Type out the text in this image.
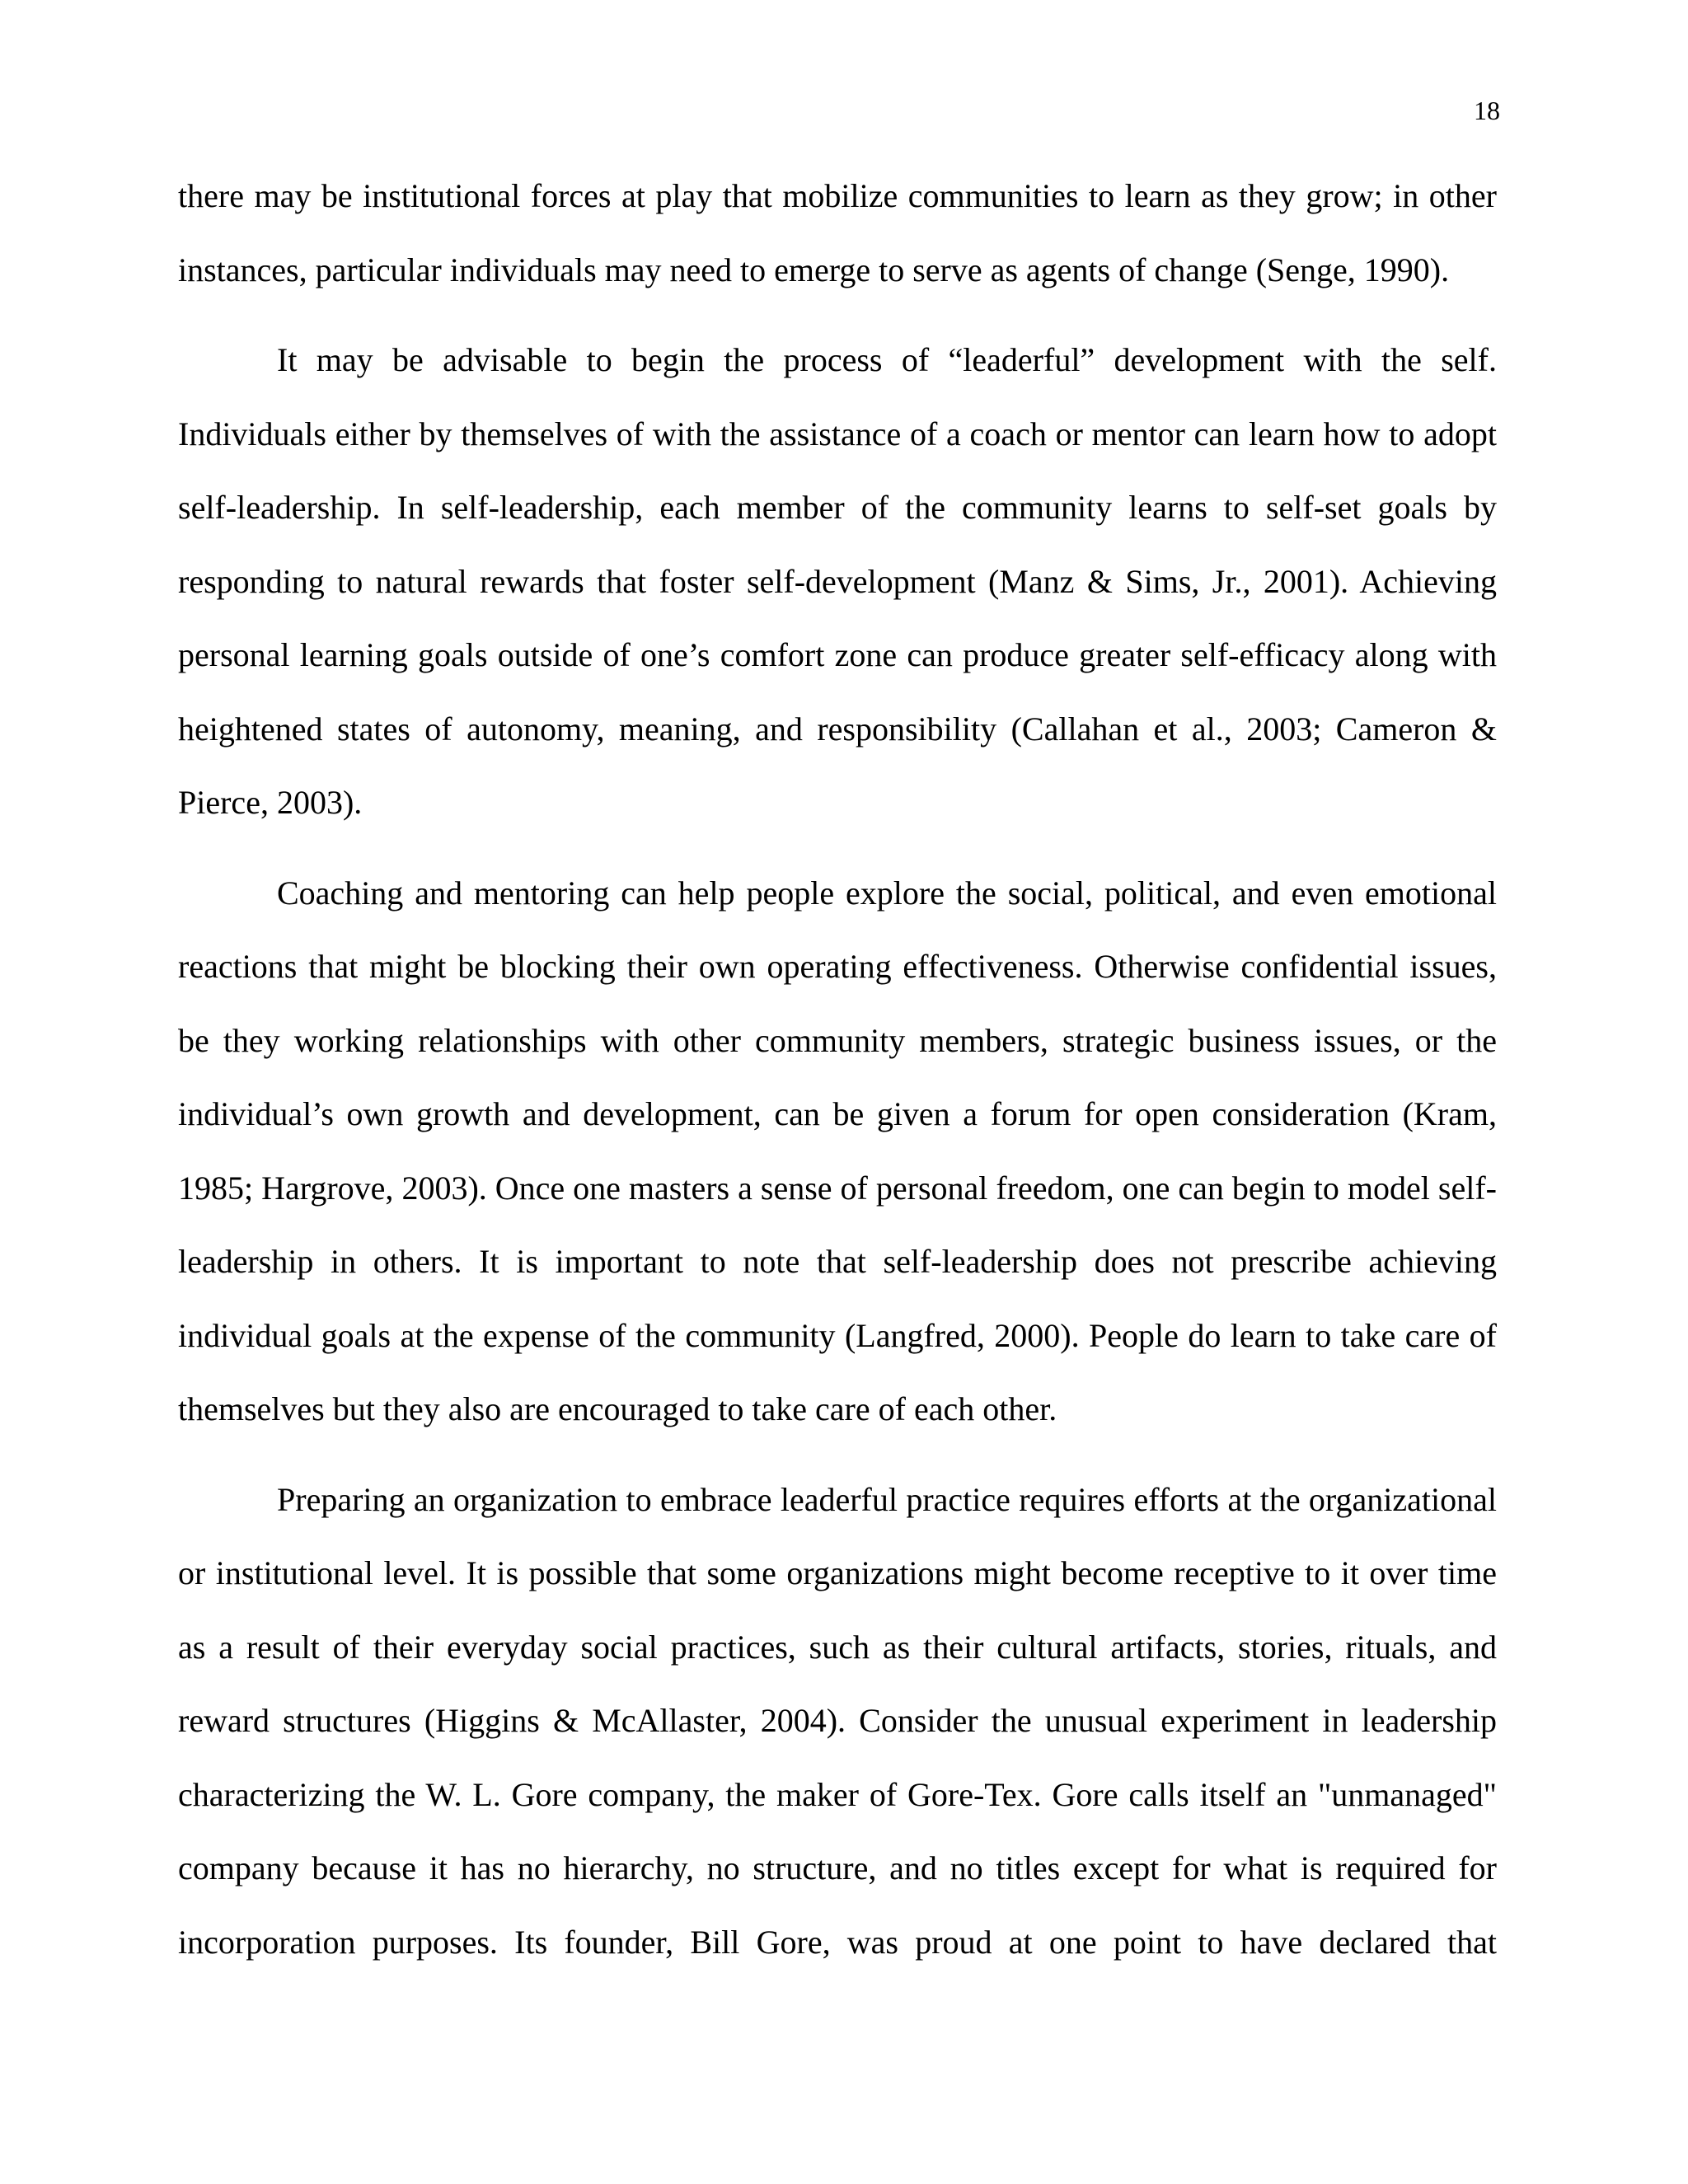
18
there may be institutional forces at play that mobilize communities to learn as they grow; in other
instances, particular individuals may need to emerge to serve as agents of change (Senge, 1990).
It may be advisable to begin the process of “leaderful” development with the self.
Individuals either by themselves of with the assistance of a coach or mentor can learn how to adopt
self-leadership. In self-leadership, each member of the community learns to self-set goals by
responding to natural rewards that foster self-development (Manz & Sims, Jr., 2001). Achieving
personal learning goals outside of one’s comfort zone can produce greater self-efficacy along with
heightened states of autonomy, meaning, and responsibility (Callahan et al., 2003; Cameron &
Pierce, 2003).
Coaching and mentoring can help people explore the social, political, and even emotional
reactions that might be blocking their own operating effectiveness. Otherwise confidential issues,
be they working relationships with other community members, strategic business issues, or the
individual’s own growth and development, can be given a forum for open consideration (Kram,
1985; Hargrove, 2003). Once one masters a sense of personal freedom, one can begin to model self-
leadership in others. It is important to note that self-leadership does not prescribe achieving
individual goals at the expense of the community (Langfred, 2000). People do learn to take care of
themselves but they also are encouraged to take care of each other.
Preparing an organization to embrace leaderful practice requires efforts at the organizational
or institutional level. It is possible that some organizations might become receptive to it over time
as a result of their everyday social practices, such as their cultural artifacts, stories, rituals, and
reward structures (Higgins & McAllaster, 2004). Consider the unusual experiment in leadership
characterizing the W. L. Gore company, the maker of Gore-Tex. Gore calls itself an "unmanaged"
company because it has no hierarchy, no structure, and no titles except for what is required for
incorporation purposes. Its founder, Bill Gore, was proud at one point to have declared that
